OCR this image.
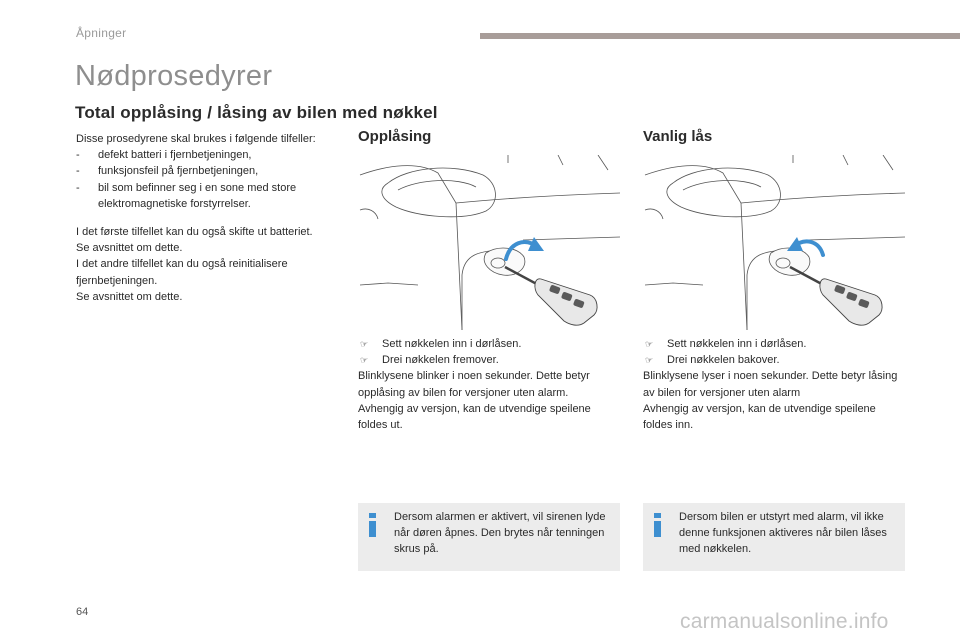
Åpninger
Nødprosedyrer
Total opplåsing / låsing av bilen med nøkkel

Disse prosedyrene skal brukes i følgende tilfeller:

- defekt batteri i fjernbetjeningen,
- funksjonsfeil på fjernbetjeningen,
- bil som befinner seg i en sone med store elektromagnetiske forstyrrelser.

I det første tilfellet kan du også skifte ut batteriet.

Se avsnittet om dette.

I det andre tilfellet kan du også reinitialisere fjernbetjeningen.

Se avsnittet om dette.

Opplåsing
☞ Sett nøkkelen inn i dørlåsen.
☞ Drei nøkkelen fremover.

Blinklysene blinker i noen sekunder. Dette betyr opplåsing av bilen for versjoner uten alarm.

Avhengig av versjon, kan de utvendige speilene foldes ut.

Dersom alarmen er aktivert, vil sirenen lyde når døren åpnes. Den brytes når tenningen skrus på.
Vanlig lås
☞ Sett nøkkelen inn i dørlåsen.
☞ Drei nøkkelen bakover.

Blinklysene lyser i noen sekunder. Dette betyr låsing av bilen for versjoner uten alarm

Avhengig av versjon, kan de utvendige speilene foldes inn.

Dersom bilen er utstyrt med alarm, vil ikke denne funksjonen aktiveres når bilen låses med nøkkelen.
64	carmanualsonline.info
